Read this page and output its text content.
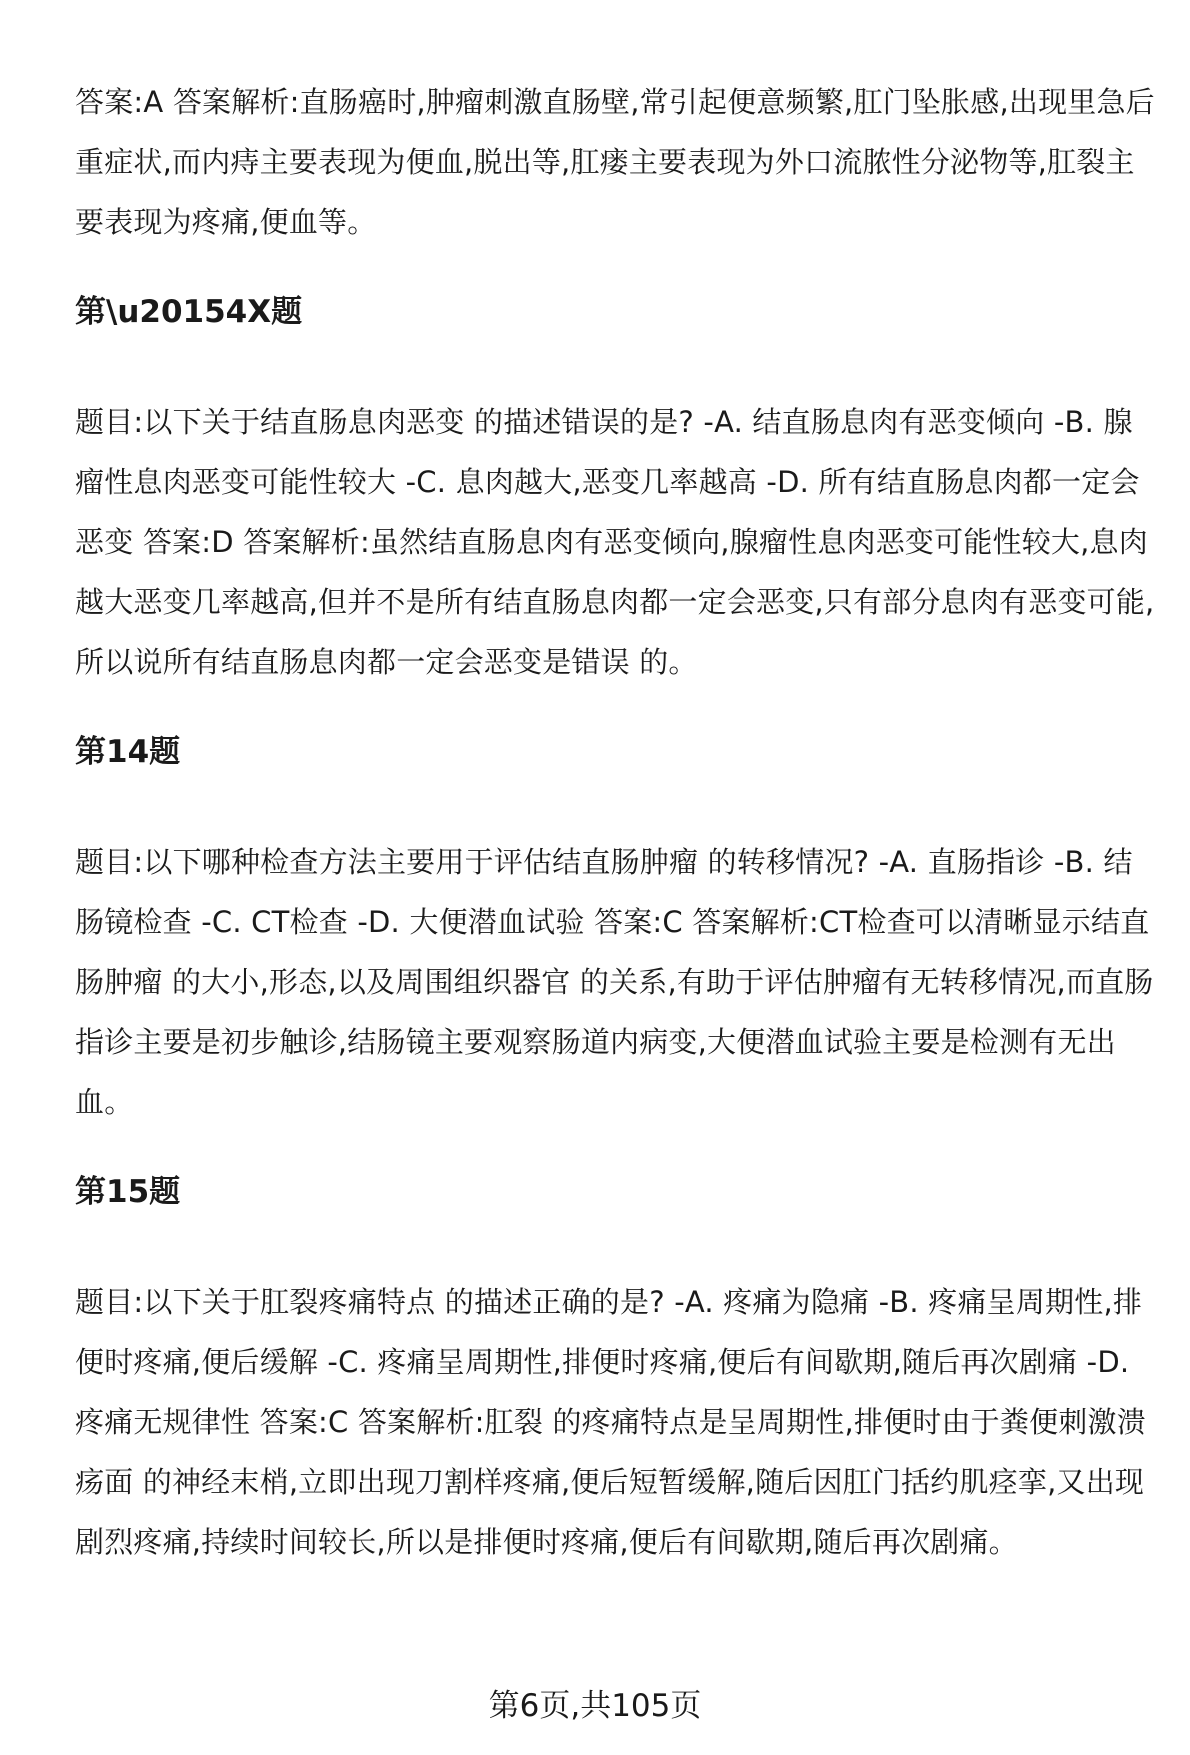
答案:A 答案解析:直肠癌时,肿瘤刺激直肠壁,常引起便意频繁,肛门坠胀感,出现里急后重症状,而内痔主要表现为便血,脱出等,肛瘘主要表现为外口流脓性分泌物等,肛裂主要表现为疼痛,便血等。

第\u20154X题

题目:以下关于结直肠息肉恶变 的描述错误的是? -A. 结直肠息肉有恶变倾向 -B. 腺瘤性息肉恶变可能性较大 -C. 息肉越大,恶变几率越高 -D. 所有结直肠息肉都一定会恶变 答案:D 答案解析:虽然结直肠息肉有恶变倾向,腺瘤性息肉恶变可能性较大,息肉越大恶变几率越高,但并不是所有结直肠息肉都一定会恶变,只有部分息肉有恶变可能,所以说所有结直肠息肉都一定会恶变是错误 的。

第14题

题目:以下哪种检查方法主要用于评估结直肠肿瘤 的转移情况? -A. 直肠指诊 -B. 结肠镜检查 -C. CT检查 -D. 大便潜血试验 答案:C 答案解析:CT检查可以清晰显示结直肠肿瘤 的大小,形态,以及周围组织器官 的关系,有助于评估肿瘤有无转移情况,而直肠指诊主要是初步触诊,结肠镜主要观察肠道内病变,大便潜血试验主要是检测有无出血。

第15题

题目:以下关于肛裂疼痛特点 的描述正确的是? -A. 疼痛为隐痛 -B. 疼痛呈周期性,排便时疼痛,便后缓解 -C. 疼痛呈周期性,排便时疼痛,便后有间歇期,随后再次剧痛 -D. 疼痛无规律性 答案:C 答案解析:肛裂 的疼痛特点是呈周期性,排便时由于粪便刺激溃疡面 的神经末梢,立即出现刀割样疼痛,便后短暂缓解,随后因肛门括约肌痉挛,又出现剧烈疼痛,持续时间较长,所以是排便时疼痛,便后有间歇期,随后再次剧痛。

第6页,共105页
